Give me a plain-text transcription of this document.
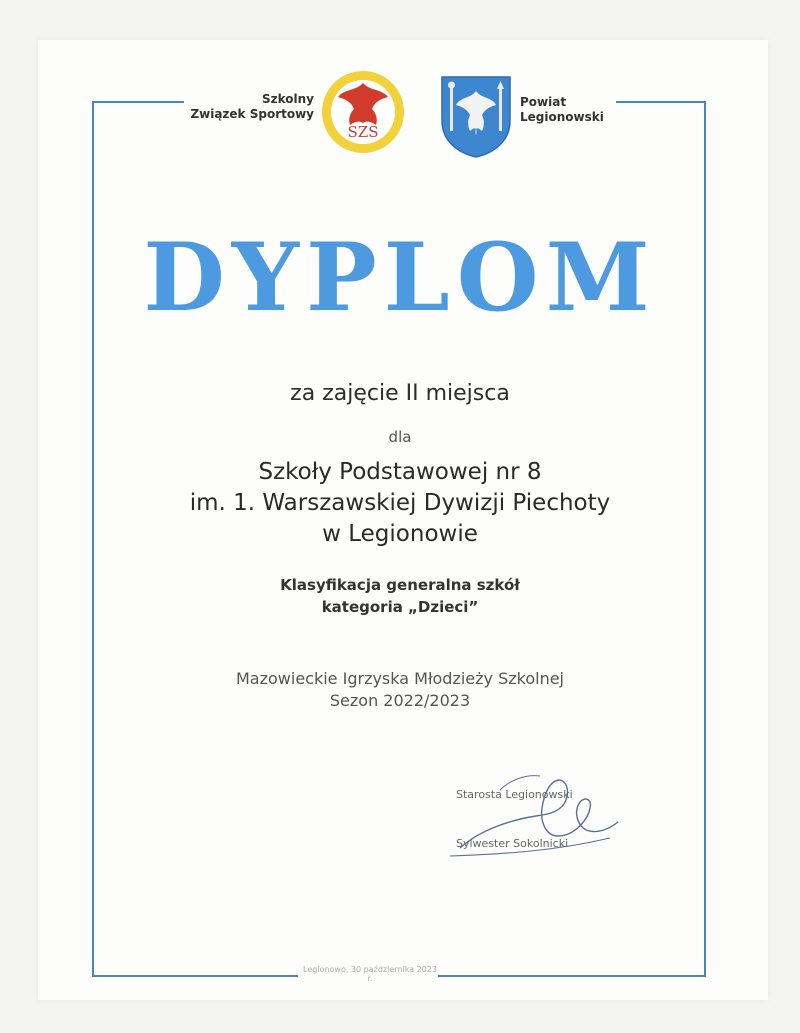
Szkolny
Związek Sportowy
SZS
Powiat
Legionowski
DYPLOM
za zajęcie II miejsca
dla
Szkoły Podstawowej nr 8
im. 1. Warszawskiej Dywizji Piechoty
w Legionowie
Klasyfikacja generalna szkół
kategoria „Dzieci”
Mazowieckie Igrzyska Młodzieży Szkolnej
Sezon 2022/2023
Starosta Legionowski
Sylwester Sokolnicki
Legionowo, 30 października 2023 r.
